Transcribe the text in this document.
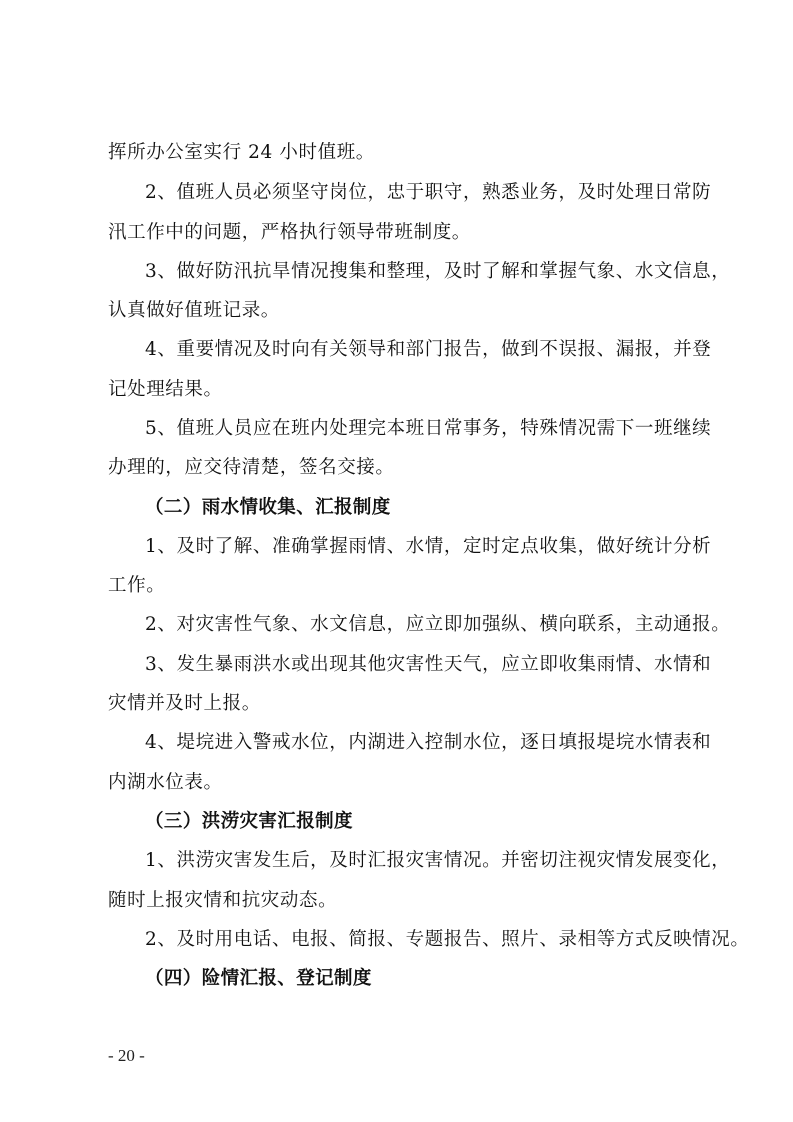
挥所办公室实行 24 小时值班。
2、值班人员必须坚守岗位，忠于职守，熟悉业务，及时处理日常防
汛工作中的问题，严格执行领导带班制度。
3、做好防汛抗旱情况搜集和整理，及时了解和掌握气象、水文信息，
认真做好值班记录。
4、重要情况及时向有关领导和部门报告，做到不误报、漏报，并登
记处理结果。
5、值班人员应在班内处理完本班日常事务，特殊情况需下一班继续
办理的，应交待清楚，签名交接。
（二）雨水情收集、汇报制度
1、及时了解、准确掌握雨情、水情，定时定点收集，做好统计分析
工作。
2、对灾害性气象、水文信息，应立即加强纵、横向联系，主动通报。
3、发生暴雨洪水或出现其他灾害性天气，应立即收集雨情、水情和
灾情并及时上报。
4、堤垸进入警戒水位，内湖进入控制水位，逐日填报堤垸水情表和
内湖水位表。
（三）洪涝灾害汇报制度
1、洪涝灾害发生后，及时汇报灾害情况。并密切注视灾情发展变化，
随时上报灾情和抗灾动态。
2、及时用电话、电报、简报、专题报告、照片、录相等方式反映情况。
（四）险情汇报、登记制度
- 20 -
